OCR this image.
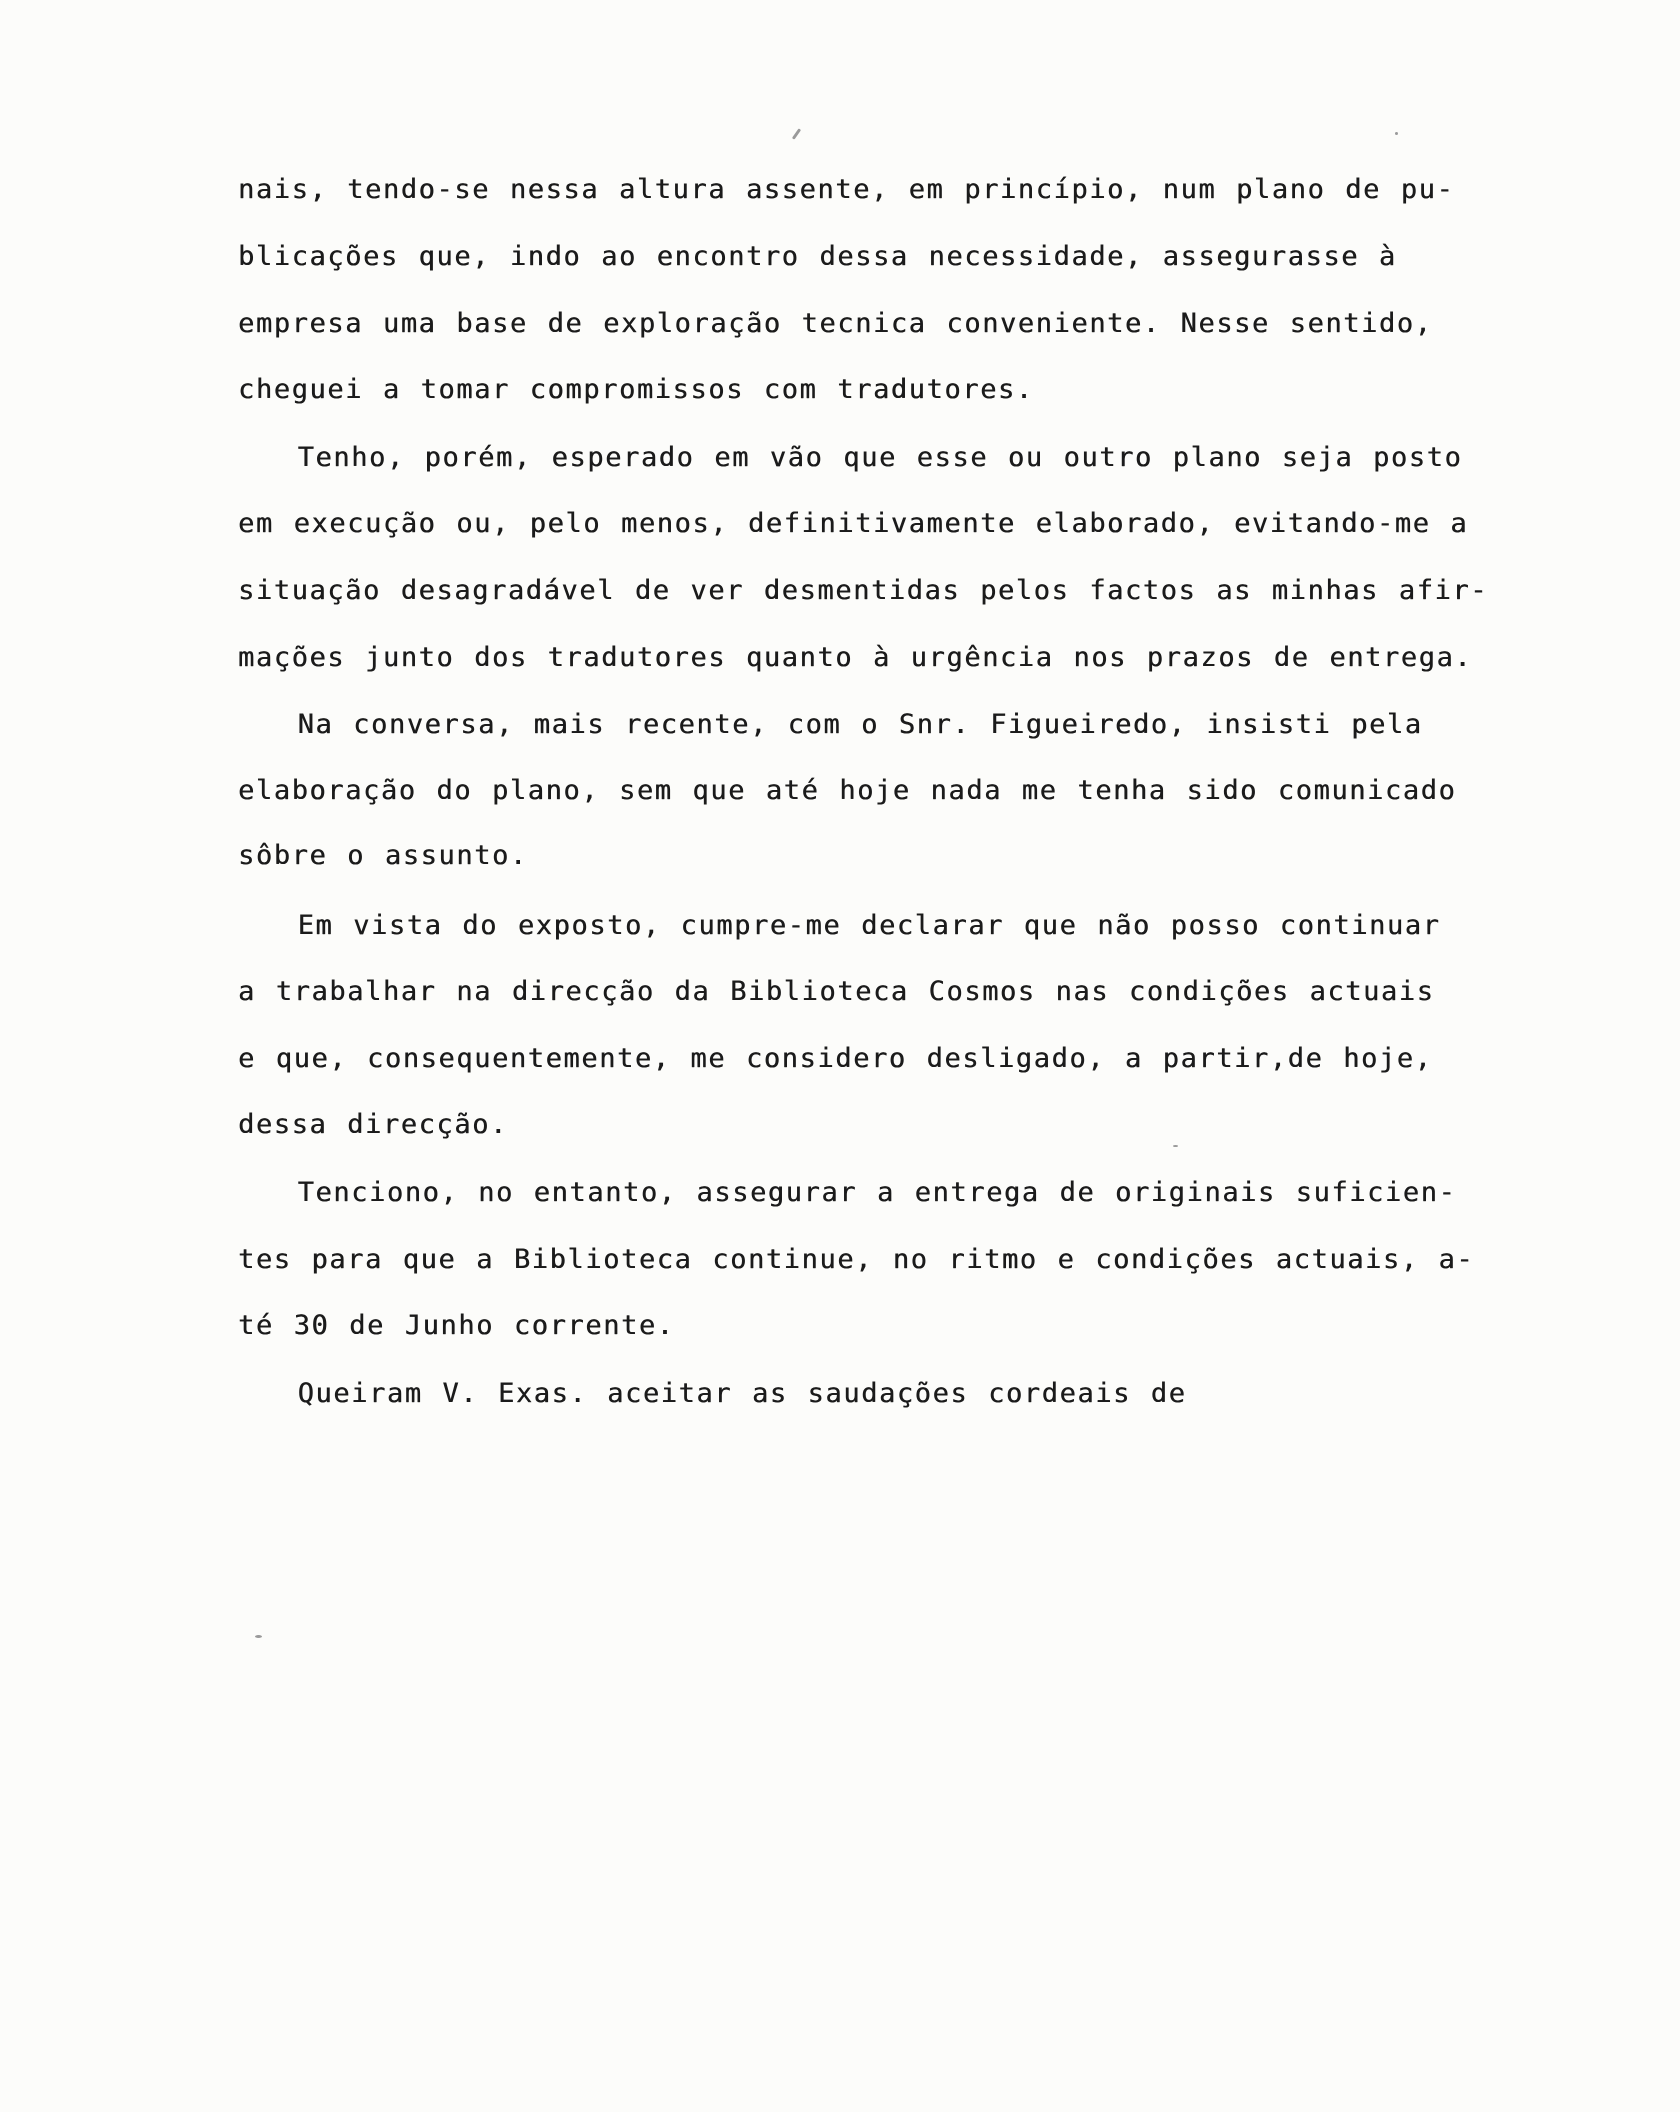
nais, tendo-se nessa altura assente, em princípio, num plano de pu-
blicações que, indo ao encontro dessa necessidade, assegurasse à
empresa uma base de exploração tecnica conveniente. Nesse sentido,
cheguei a tomar compromissos com tradutores.
Tenho, porém, esperado em vão que esse ou outro plano seja posto
em execução ou, pelo menos, definitivamente elaborado, evitando-me a
situação desagradável de ver desmentidas pelos factos as minhas afir-
mações junto dos tradutores quanto à urgência nos prazos de entrega.
Na conversa, mais recente, com o Snr. Figueiredo, insisti pela
elaboração do plano, sem que até hoje nada me tenha sido comunicado
sôbre o assunto.
Em vista do exposto, cumpre-me declarar que não posso continuar
a trabalhar na direcção da Biblioteca Cosmos nas condições actuais
e que, consequentemente, me considero desligado, a partir,de hoje,
dessa direcção.
Tenciono, no entanto, assegurar a entrega de originais suficien-
tes para que a Biblioteca continue, no ritmo e condições actuais, a-
té 30 de Junho corrente.
Queiram V. Exas. aceitar as saudações cordeais de
